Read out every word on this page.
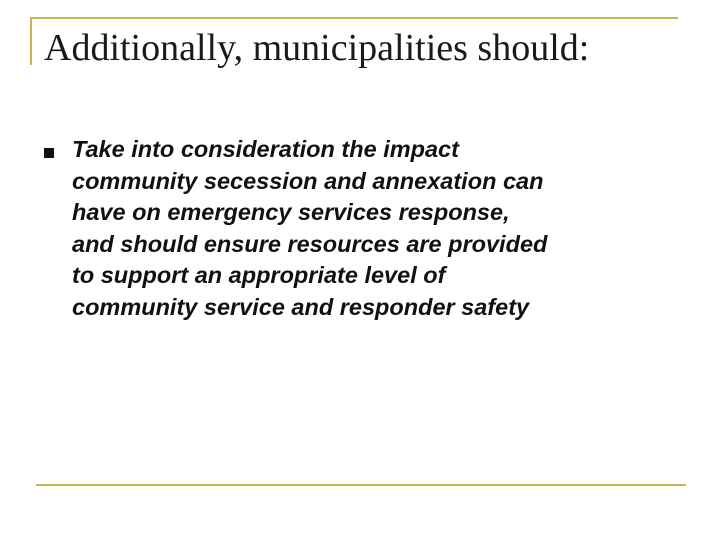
Additionally, municipalities should:
Take into consideration the impact
community secession and annexation can
have on emergency services response,
and should ensure resources are provided
to support an appropriate level of
community service and responder safety
